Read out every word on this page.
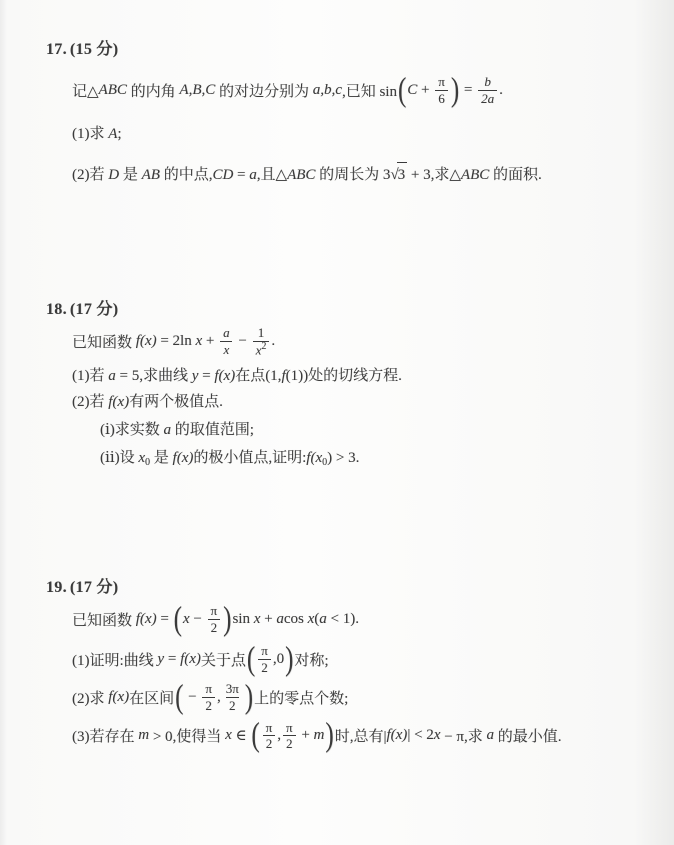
17. (15 分)
记△ ABC 的内角 A,B,C 的对边分别为 a,b,c ,已知 sin ( $C + \frac{\pi}{6}$ ) = $\frac{b}{2a}$ .
(1)求 A;
(2)若 D 是 AB 的中点,CD = a,且△ABC 的周长为 3√3 + 3,求△ABC 的面积.
18. (17 分)
已知函数 f(x) = 2ln $x + \frac{a}{x} - \frac{1}{x^2}$ .
(1)若 a = 5,求曲线 y = f(x)在点(1,f(1))处的切线方程.
(2)若 f(x)有两个极值点.
(ⅰ)求实数 a 的取值范围;
(ⅱ)设 $x_0$ 是 f(x)的极小值点,证明$:f(x_0) > 3$.
19. (17 分)
已知函数 f(x) = ( $x - \frac{\pi}{2}$ ) sin x + a cos x ( a < 1).
(1)证明:曲线 y = f(x) 关于点 ( $\frac{\pi}{2} ,0$ ) 对称;
(2)求 f(x) 在区间 ( − $\frac{\pi}{2}$ , $\frac{3\pi}{2}$ ) 上的零点个数;
(3)若存在 m > 0,使得当 x ∈ ( $\frac{\pi}{2}$ , $\frac{\pi}{2} + m$ ) 时,总有| f(x) | < 2 x − π,求 a 的最小值.
